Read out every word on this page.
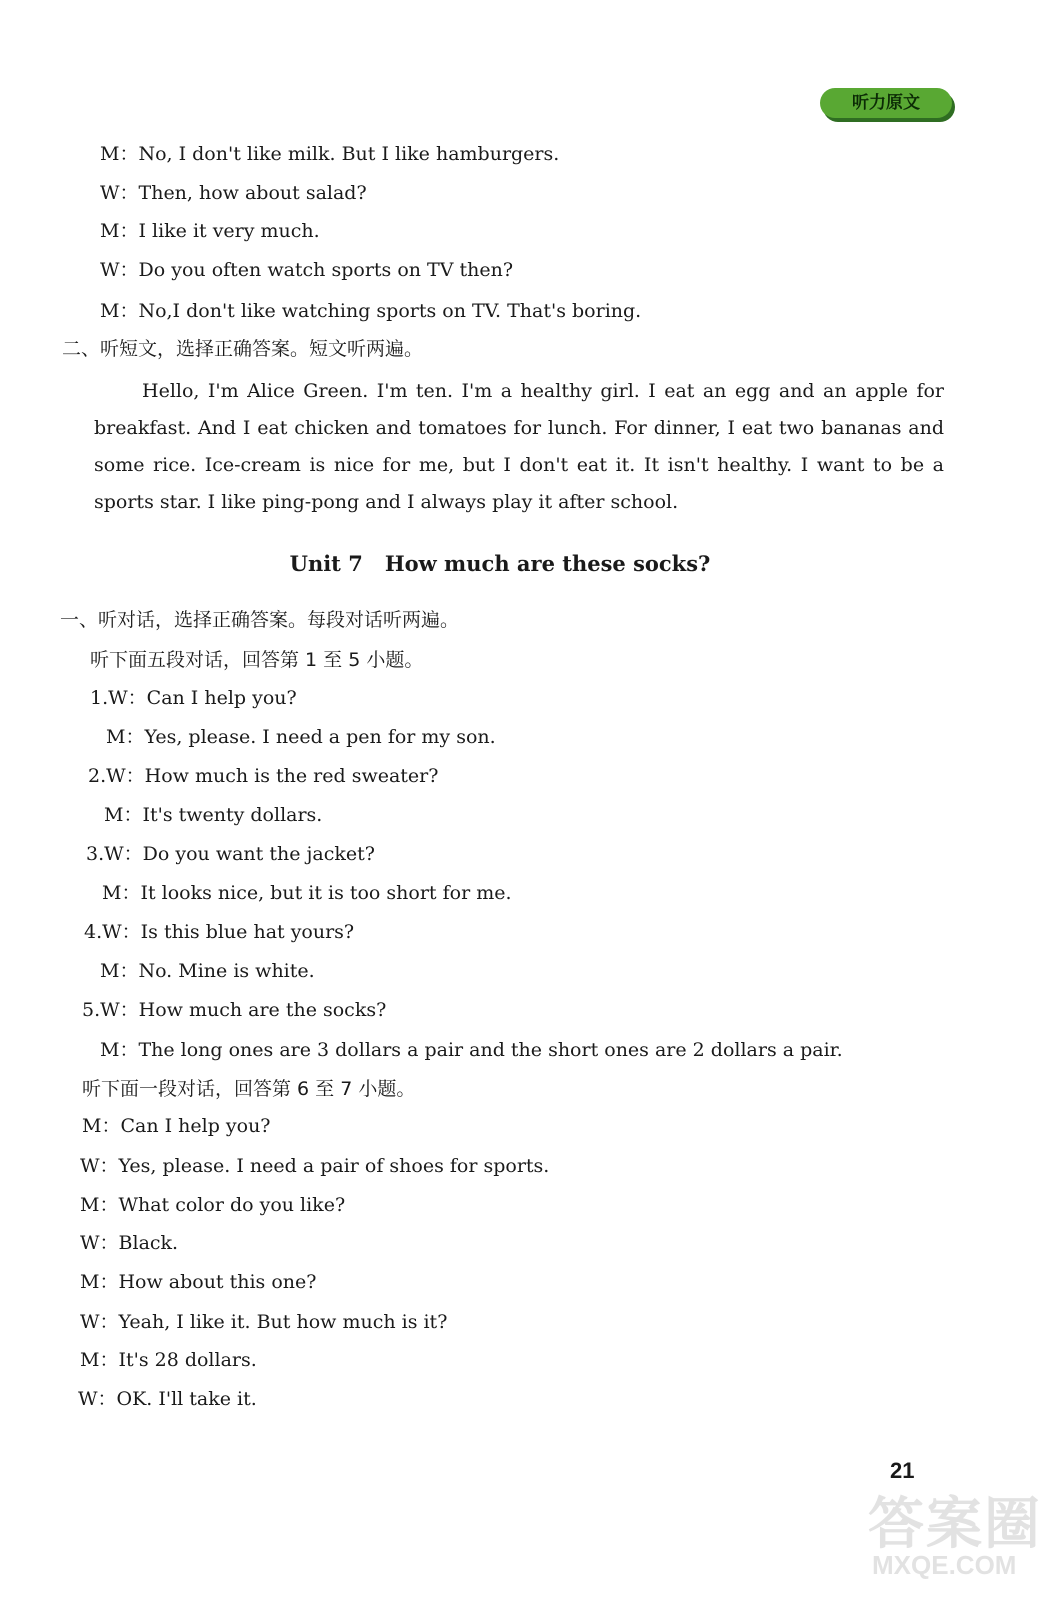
听力原文
M：No, I don't like milk. But I like hamburgers.
W：Then, how about salad?
M：I like it very much.
W：Do you often watch sports on TV then?
M：No,I don't like watching sports on TV. That's boring.
二、听短文，选择正确答案。短文听两遍。
Hello, I'm Alice Green. I'm ten. I'm a healthy girl. I eat an egg and an apple for breakfast. And I eat chicken and tomatoes for lunch. For dinner, I eat two bananas and some rice. Ice-cream is nice for me, but I don't eat it. It isn't healthy. I want to be a sports star. I like ping-pong and I always play it after school.
Unit 7 How much are these socks?
一、听对话，选择正确答案。每段对话听两遍。
听下面五段对话，回答第 1 至 5 小题。
1.W：Can I help you?
M：Yes, please. I need a pen for my son.
2.W：How much is the red sweater?
M：It's twenty dollars.
3.W：Do you want the jacket?
M：It looks nice, but it is too short for me.
4.W：Is this blue hat yours?
M：No. Mine is white.
5.W：How much are the socks?
M：The long ones are 3 dollars a pair and the short ones are 2 dollars a pair.
听下面一段对话，回答第 6 至 7 小题。
M：Can I help you?
W：Yes, please. I need a pair of shoes for sports.
M：What color do you like?
W：Black.
M：How about this one?
W：Yeah, I like it. But how much is it?
M：It's 28 dollars.
W：OK. I'll take it.
21
答案圈
MXQE.COM
